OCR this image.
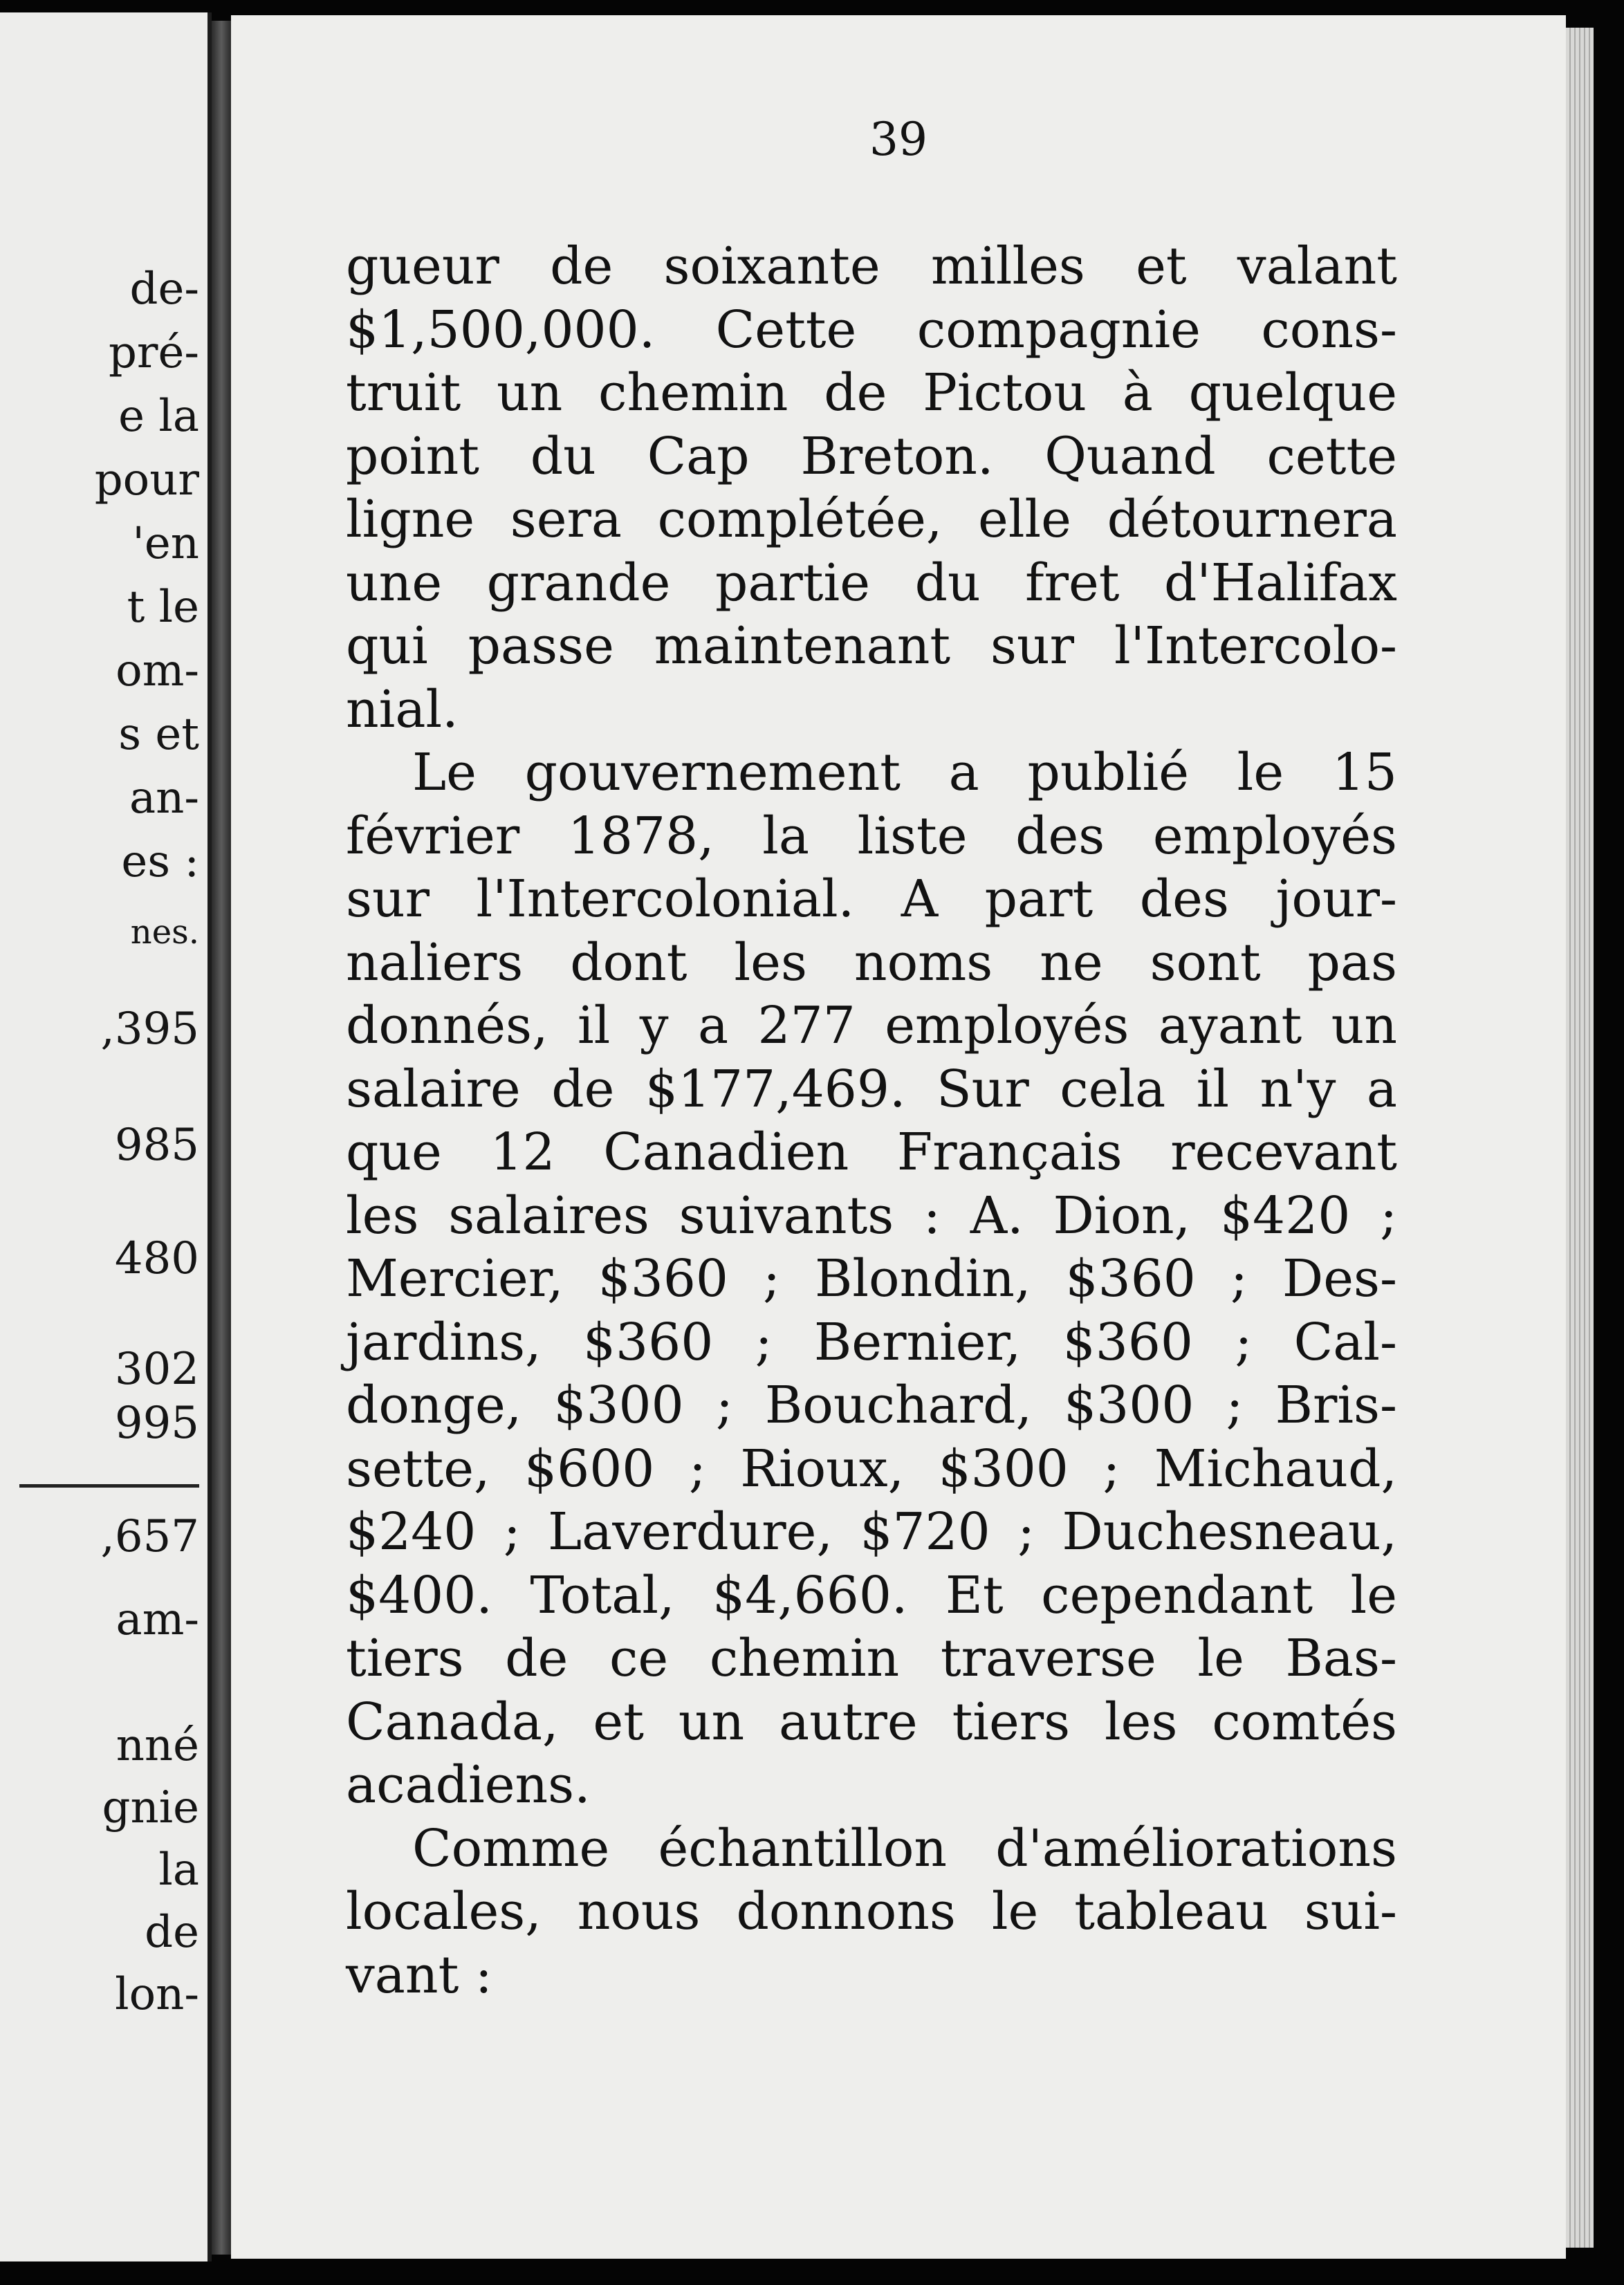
de-
pré-
e la
pour
'en
t le
om-
s et
an-
es :
nes.
,395
985
480
302
995
,657
am-
nné
gnie
la
de
lon-
39
gueur de soixante milles et valant
$1,500,000. Cette compagnie cons-
truit un chemin de Pictou à quelque
point du Cap Breton. Quand cette
ligne sera complétée, elle détournera
une grande partie du fret d'Halifax
qui passe maintenant sur l'Intercolo-
nial.
Le gouvernement a publié le 15
février 1878, la liste des employés
sur l'Intercolonial. A part des jour-
naliers dont les noms ne sont pas
donnés, il y a 277 employés ayant un
salaire de $177,469. Sur cela il n'y a
que 12 Canadien Français recevant
les salaires suivants : A. Dion, $420 ;
Mercier, $360 ; Blondin, $360 ; Des-
jardins, $360 ; Bernier, $360 ; Cal-
donge, $300 ; Bouchard, $300 ; Bris-
sette, $600 ; Rioux, $300 ; Michaud,
$240 ; Laverdure, $720 ; Duchesneau,
$400. Total, $4,660. Et cependant le
tiers de ce chemin traverse le Bas-
Canada, et un autre tiers les comtés
acadiens.
Comme échantillon d'améliorations
locales, nous donnons le tableau sui-
vant :
